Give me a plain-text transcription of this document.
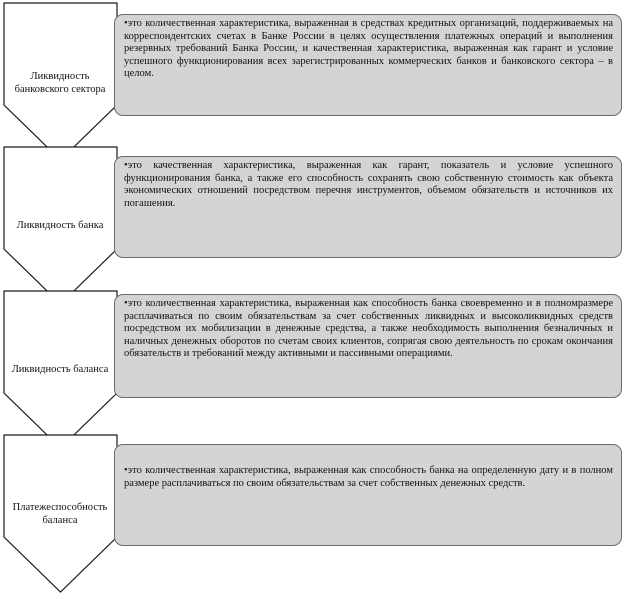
Ликвидность банковского сектора
•это количественная характеристика, выраженная в средствах кредитных организаций, поддерживаемых на корреспондентских счетах в Банке России в целях осуществления платежных операций и выполнения резервных требований Банка России, и качественная характеристика, выраженная как гарант и условие успешного функционирования всех зарегистрированных коммерческих банков и банковского сектора – в целом.
Ликвидность банка
•это качественная характеристика, выраженная как гарант, показатель и условие успешного функционирования банка, а также его способность сохранять свою собственную стоимость как объекта экономических отношений посредством перечня инструментов, объемом обязательств и источников их погашения.
Ликвидность баланса
•это количественная характеристика, выраженная как способность банка своевременно и в полномразмере расплачиваться по своим обязательствам за счет собственных ликвидных и высоколиквидных средств посредством их мобилизации в денежные средства, а также необходимость выполнения безналичных и наличных денежных оборотов по счетам своих клиентов, сопрягая свою деятельность по срокам окончания обязательств и требований между активными и пассивными операциями.
Платежеспособность баланса
•это количественная характеристика, выраженная как способность банка на определенную дату и в полном размере расплачиваться по своим обязательствам за счет собственных денежных средств.
